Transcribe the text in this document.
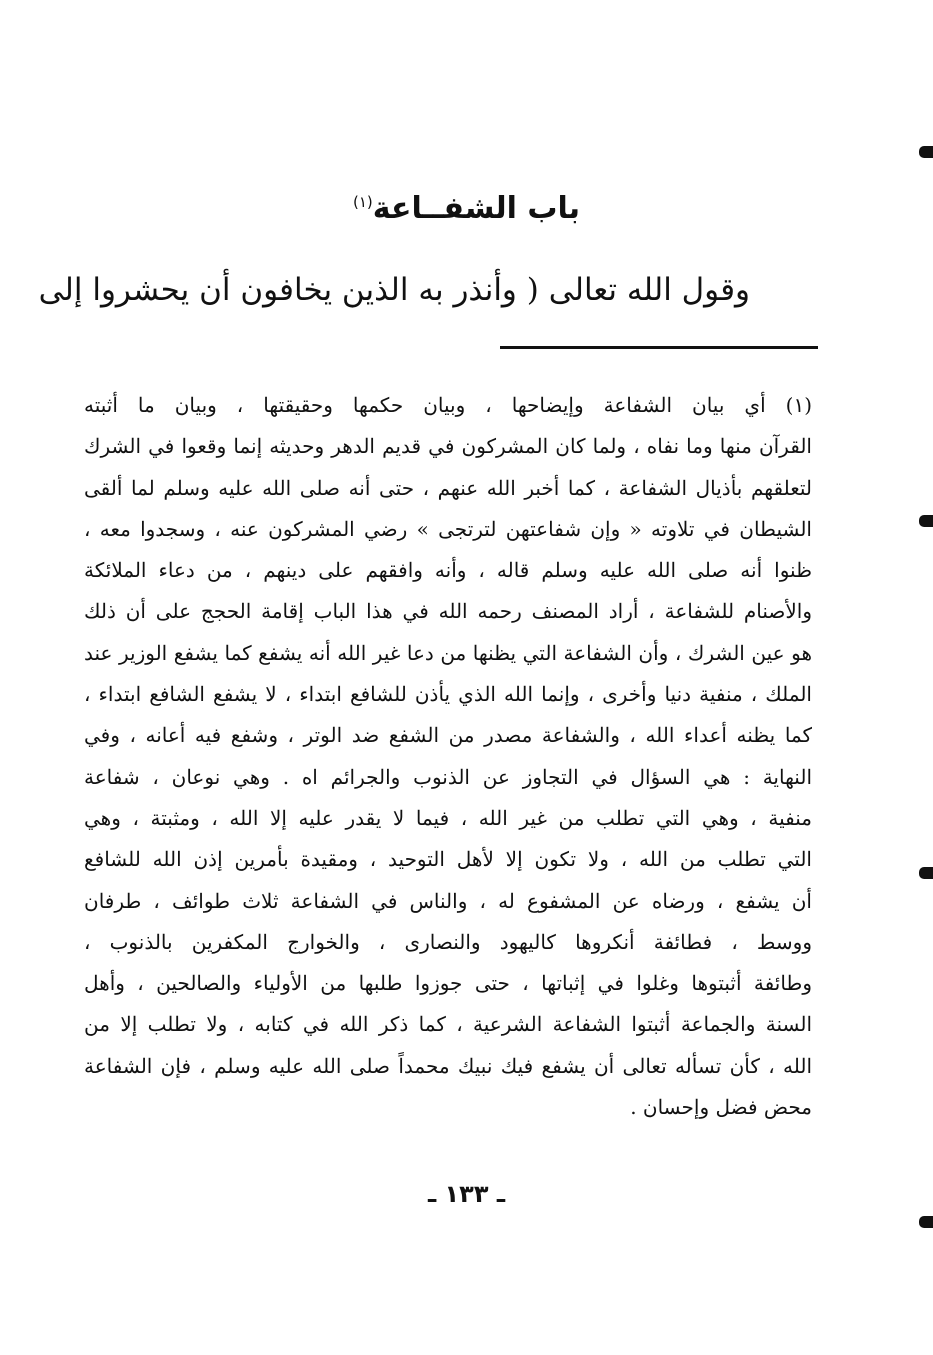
باب الشفــاعة$^{(١)}$
وقول الله تعالى ( وأنذر به الذين يخافون أن يحشروا إلى
(١) أي بيان الشفاعة وإيضاحها ، وبيان حكمها وحقيقتها ، وبيان ما أثبته
القرآن منها وما نفاه ، ولما كان المشركون في قديم الدهر وحديثه إنما وقعوا في الشرك
لتعلقهم بأذيال الشفاعة ، كما أخبر الله عنهم ، حتى أنه صلى الله عليه وسلم لما ألقى
الشيطان في تلاوته « وإن شفاعتهن لترتجى » رضي المشركون عنه ، وسجدوا معه ،
ظنوا أنه صلى الله عليه وسلم قاله ، وأنه وافقهم على دينهم ، من دعاء الملائكة
والأصنام للشفاعة ، أراد المصنف رحمه الله في هذا الباب إقامة الحجج على أن ذلك
هو عين الشرك ، وأن الشفاعة التي يظنها من دعا غير الله أنه يشفع كما يشفع الوزير عند
الملك ، منفية دنيا وأخرى ، وإنما الله الذي يأذن للشافع ابتداء ، لا يشفع الشافع ابتداء ،
كما يظنه أعداء الله ، والشفاعة مصدر من الشفع ضد الوتر ، وشفع فيه أعانه ، وفي
النهاية : هي السؤال في التجاوز عن الذنوب والجرائم اه . وهي نوعان ، شفاعة
منفية ، وهي التي تطلب من غير الله ، فيما لا يقدر عليه إلا الله ، ومثبتة ، وهي
التي تطلب من الله ، ولا تكون إلا لأهل التوحيد ، ومقيدة بأمرين إذن الله للشافع
أن يشفع ، ورضاه عن المشفوع له ، والناس في الشفاعة ثلاث طوائف ، طرفان
ووسط ، فطائفة أنكروها كاليهود والنصارى ، والخوارج المكفرين بالذنوب ،
وطائفة أثبتوها وغلوا في إثباتها ، حتى جوزوا طلبها من الأولياء والصالحين ، وأهل
السنة والجماعة أثبتوا الشفاعة الشرعية ، كما ذكر الله في كتابه ، ولا تطلب إلا من
الله ، كأن تسأله تعالى أن يشفع فيك نبيك محمداً صلى الله عليه وسلم ، فإن الشفاعة
محض فضل وإحسان .
ـ ١٣٣ ـ
